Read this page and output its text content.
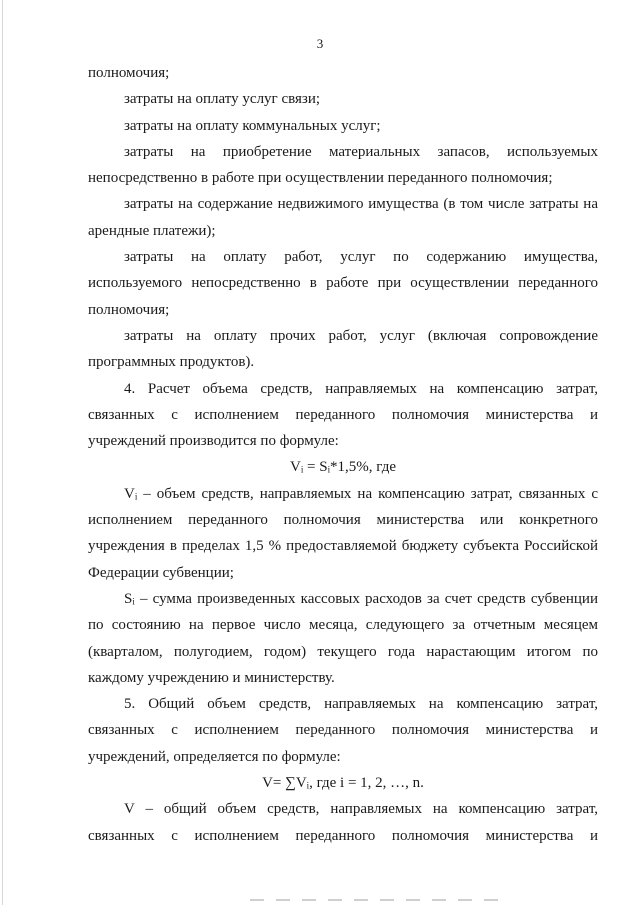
3

полномочия;

затраты на оплату услуг связи;

затраты на оплату коммунальных услуг;

затраты на приобретение материальных запасов, используемых непосредственно в работе при осуществлении переданного полномочия;

затраты на содержание недвижимого имущества (в том числе затраты на арендные платежи);

затраты на оплату работ, услуг по содержанию имущества, используемого непосредственно в работе при осуществлении переданного полномочия;

затраты на оплату прочих работ, услуг (включая сопровождение программных продуктов).

4. Расчет объема средств, направляемых на компенсацию затрат, связанных с исполнением переданного полномочия министерства и учреждений производится по формуле:

Vᵢ = Sᵢ*1,5%, где

Vᵢ – объем средств, направляемых на компенсацию затрат, связанных с исполнением переданного полномочия министерства или конкретного учреждения в пределах 1,5 % предоставляемой бюджету субъекта Российской Федерации субвенции;

Sᵢ – сумма произведенных кассовых расходов за счет средств субвенции по состоянию на первое число месяца, следующего за отчетным месяцем (кварталом, полугодием, годом) текущего года нарастающим итогом по каждому учреждению и министерству.

5. Общий объем средств, направляемых на компенсацию затрат, связанных с исполнением переданного полномочия министерства и учреждений, определяется по формуле:

V= ∑Vᵢ, где i = 1, 2, …, n.

V – общий объем средств, направляемых на компенсацию затрат, связанных с исполнением переданного полномочия министерства и
